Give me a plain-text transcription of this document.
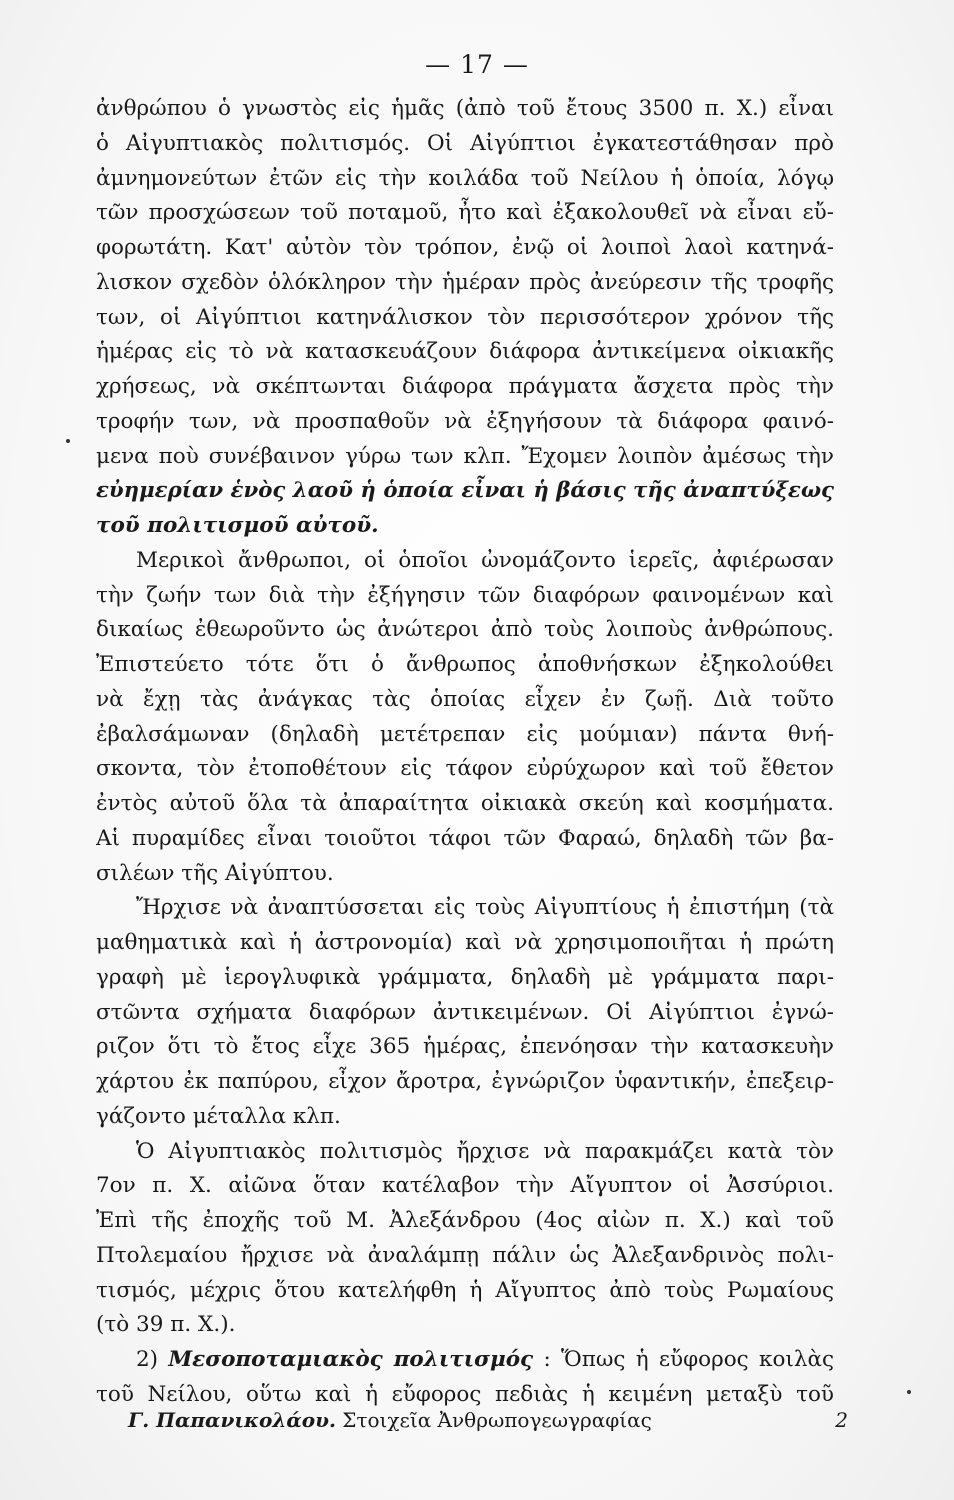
— 17 —
ἀνθρώπου ὁ γνωστὸς εἰς ἡμᾶς (ἀπὸ τοῦ ἔτους 3500 π. Χ.) εἶναι
ὁ Αἰγυπτιακὸς πολιτισμός. Οἱ Αἰγύπτιοι ἐγκατεστάθησαν πρὸ
ἀμνημονεύτων ἐτῶν εἰς τὴν κοιλάδα τοῦ Νείλου ἡ ὁποία, λόγῳ
τῶν προσχώσεων τοῦ ποταμοῦ, ἦτο καὶ ἐξακολουθεῖ νὰ εἶναι εὔ-
φορωτάτη. Κατ' αὐτὸν τὸν τρόπον, ἐνῷ οἱ λοιποὶ λαοὶ κατηνά-
λισκον σχεδὸν ὁλόκληρον τὴν ἡμέραν πρὸς ἀνεύρεσιν τῆς τροφῆς
των, οἱ Αἰγύπτιοι κατηνάλισκον τὸν περισσότερον χρόνον τῆς
ἡμέρας εἰς τὸ νὰ κατασκευάζουν διάφορα ἀντικείμενα οἰκιακῆς
χρήσεως, νὰ σκέπτωνται διάφορα πράγματα ἄσχετα πρὸς τὴν
τροφήν των, νὰ προσπαθοῦν νὰ ἐξηγήσουν τὰ διάφορα φαινό-
μενα ποὺ συνέβαινον γύρω των κλπ. Ἔχομεν λοιπὸν ἀμέσως τὴν
εὐημερίαν ἑνὸς λαοῦ ἡ ὁποία εἶναι ἡ βάσις τῆς ἀναπτύξεως
τοῦ πολιτισμοῦ αὐτοῦ.
Μερικοὶ ἄνθρωποι, οἱ ὁποῖοι ὠνομάζοντο ἱερεῖς, ἀφιέρωσαν
τὴν ζωήν των διὰ τὴν ἐξήγησιν τῶν διαφόρων φαινομένων καὶ
δικαίως ἐθεωροῦντο ὡς ἀνώτεροι ἀπὸ τοὺς λοιποὺς ἀνθρώπους.
Ἐπιστεύετο τότε ὅτι ὁ ἄνθρωπος ἀποθνήσκων ἐξηκολούθει
νὰ ἔχῃ τὰς ἀνάγκας τὰς ὁποίας εἶχεν ἐν ζωῇ. Διὰ τοῦτο
ἐβαλσάμωναν (δηλαδὴ μετέτρεπαν εἰς μούμιαν) πάντα θνή-
σκοντα, τὸν ἐτοποθέτουν εἰς τάφον εὐρύχωρον καὶ τοῦ ἔθετον
ἐντὸς αὐτοῦ ὅλα τὰ ἀπαραίτητα οἰκιακὰ σκεύη καὶ κοσμήματα.
Αἱ πυραμίδες εἶναι τοιοῦτοι τάφοι τῶν Φαραώ, δηλαδὴ τῶν βα-
σιλέων τῆς Αἰγύπτου.
Ἤρχισε νὰ ἀναπτύσσεται εἰς τοὺς Αἰγυπτίους ἡ ἐπιστήμη (τὰ
μαθηματικὰ καὶ ἡ ἀστρονομία) καὶ νὰ χρησιμοποιῆται ἡ πρώτη
γραφὴ μὲ ἱερογλυφικὰ γράμματα, δηλαδὴ μὲ γράμματα παρι-
στῶντα σχήματα διαφόρων ἀντικειμένων. Οἱ Αἰγύπτιοι ἐγνώ-
ριζον ὅτι τὸ ἔτος εἶχε 365 ἡμέρας, ἐπενόησαν τὴν κατασκευὴν
χάρτου ἐκ παπύρου, εἶχον ἄροτρα, ἐγνώριζον ὑφαντικήν, ἐπεξειρ-
γάζοντο μέταλλα κλπ.
Ὁ Αἰγυπτιακὸς πολιτισμὸς ἤρχισε νὰ παρακμάζει κατὰ τὸν
7ον π. Χ. αἰῶνα ὅταν κατέλαβον τὴν Αἴγυπτον οἱ Ἀσσύριοι.
Ἐπὶ τῆς ἐποχῆς τοῦ Μ. Ἀλεξάνδρου (4ος αἰὼν π. Χ.) καὶ τοῦ
Πτολεμαίου ἤρχισε νὰ ἀναλάμπῃ πάλιν ὡς Ἀλεξανδρινὸς πολι-
τισμός, μέχρις ὅτου κατελήφθη ἡ Αἴγυπτος ἀπὸ τοὺς Ρωμαίους
(τὸ 39 π. Χ.).
2) Μεσοποταμιακὸς πολιτισμός : Ὅπως ἡ εὔφορος κοιλὰς
τοῦ Νείλου, οὕτω καὶ ἡ εὔφορος πεδιὰς ἡ κειμένη μεταξὺ τοῦ
Γ. Παπανικολάου. Στοιχεῖα Ἀνθρωπογεωγραφίας	2
